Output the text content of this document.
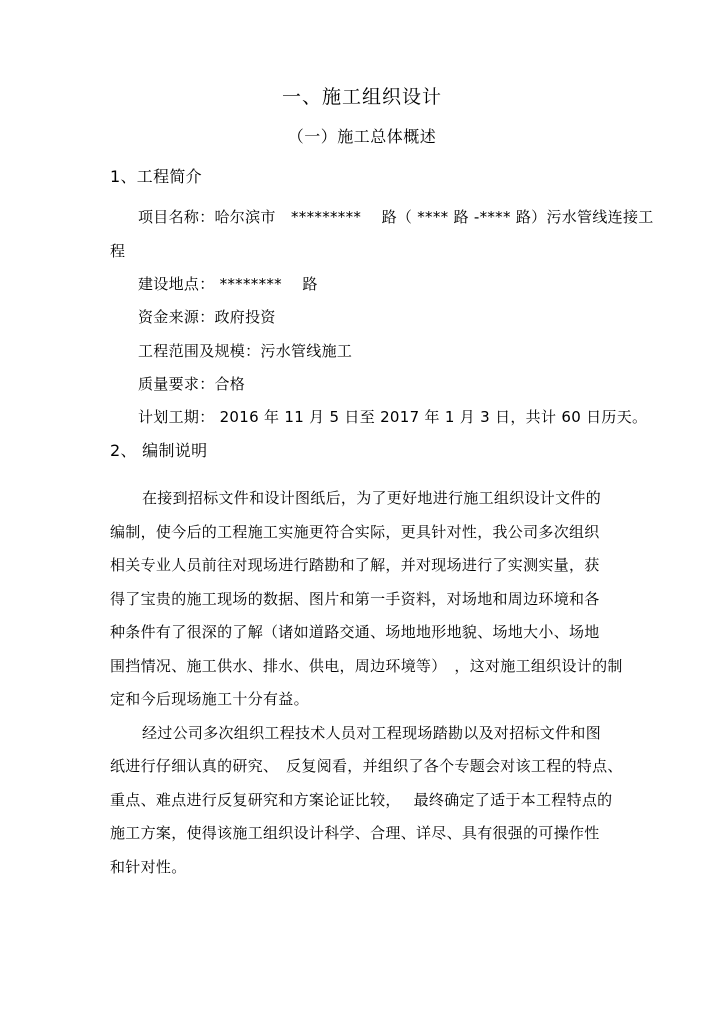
一、施工组织设计
（一）施工总体概述
1、工程简介
项目名称：哈尔滨市　*********　 路（ **** 路 -**** 路）污水管线连接工
程
建设地点： ********　 路
资金来源：政府投资
工程范围及规模：污水管线施工
质量要求：合格
计划工期： 2016 年 11 月 5 日至 2017 年 1 月 3 日，共计 60 日历天。
2、 编制说明
在接到招标文件和设计图纸后，为了更好地进行施工组织设计文件的
编制，使今后的工程施工实施更符合实际，更具针对性，我公司多次组织
相关专业人员前往对现场进行踏勘和了解，并对现场进行了实测实量，获
得了宝贵的施工现场的数据、图片和第一手资料，对场地和周边环境和各
种条件有了很深的了解（诸如道路交通、场地地形地貌、场地大小、场地
围挡情况、施工供水、排水、供电，周边环境等）　，这对施工组织设计的制
定和今后现场施工十分有益。
经过公司多次组织工程技术人员对工程现场踏勘以及对招标文件和图
纸进行仔细认真的研究、　反复阅看，并组织了各个专题会对该工程的特点、
重点、难点进行反复研究和方案论证比较，　 最终确定了适于本工程特点的
施工方案，使得该施工组织设计科学、合理、详尽、具有很强的可操作性
和针对性。
